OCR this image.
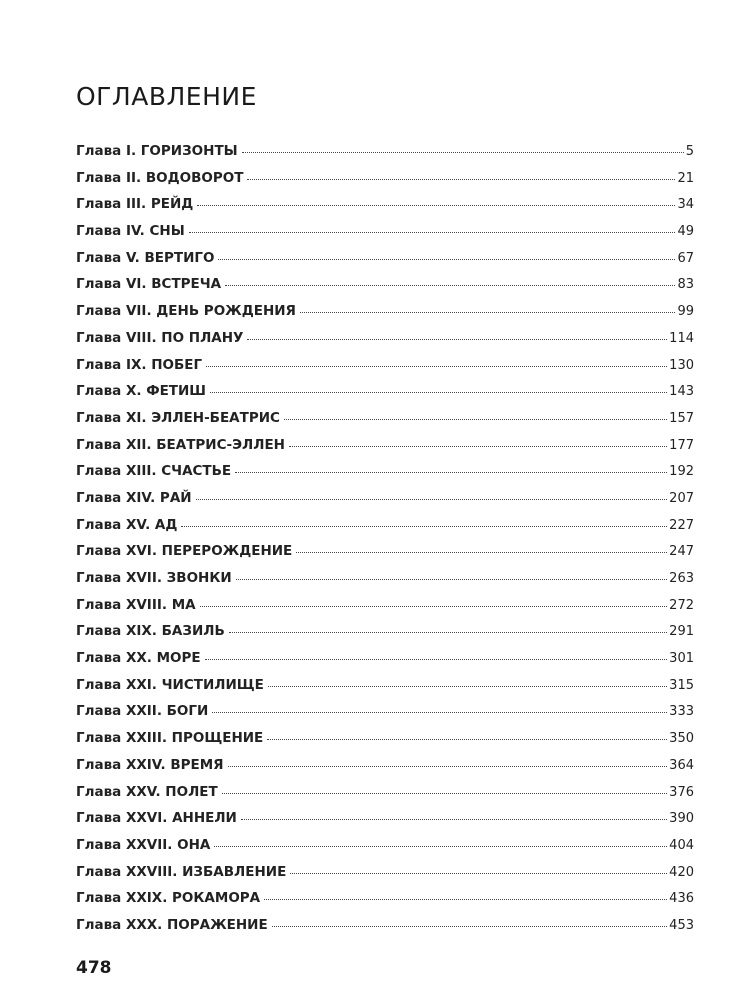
ОГЛАВЛЕНИЕ
Глава I. ГОРИЗОНТЫ	5
Глава II. ВОДОВОРОТ	21
Глава III. РЕЙД	34
Глава IV. СНЫ	49
Глава V. ВЕРТИГО	67
Глава VI. ВСТРЕЧА	83
Глава VII. ДЕНЬ РОЖДЕНИЯ	99
Глава VIII. ПО ПЛАНУ	114
Глава IX. ПОБЕГ	130
Глава X. ФЕТИШ	143
Глава XI. ЭЛЛЕН-БЕАТРИС	157
Глава XII. БЕАТРИС-ЭЛЛЕН	177
Глава XIII. СЧАСТЬЕ	192
Глава XIV. РАЙ	207
Глава XV. АД	227
Глава XVI. ПЕРЕРОЖДЕНИЕ	247
Глава XVII. ЗВОНКИ	263
Глава XVIII. МА	272
Глава XIX. БАЗИЛЬ	291
Глава XX. МОРЕ	301
Глава XXI. ЧИСТИЛИЩЕ	315
Глава XXII. БОГИ	333
Глава XXIII. ПРОЩЕНИЕ	350
Глава XXIV. ВРЕМЯ	364
Глава XXV. ПОЛЕТ	376
Глава XXVI. АННЕЛИ	390
Глава XXVII. ОНА	404
Глава XXVIII. ИЗБАВЛЕНИЕ	420
Глава XXIX. РОКАМОРА	436
Глава XXX. ПОРАЖЕНИЕ	453
478
